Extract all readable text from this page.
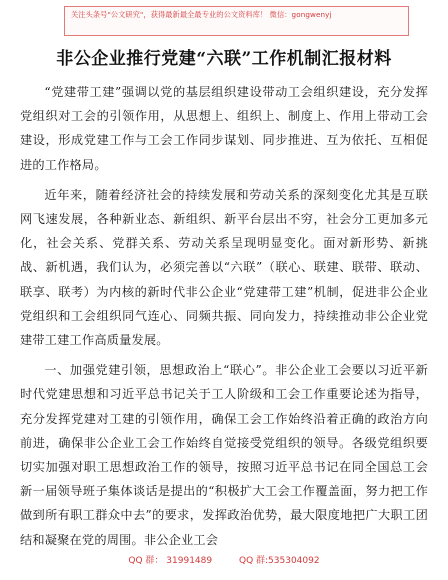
关注头条号"公文研究"，获得最新最全最专业的公文资料库！ 微信：gongwenyj
非公企业推行党建“六联”工作机制汇报材料

“党建带工建”强调以党的基层组织建设带动工会组织建设，充分发挥党组织对工会的引领作用，从思想上、组织上、制度上、作用上带动工会建设，形成党建工作与工会工作同步谋划、同步推进、互为依托、互相促进的工作格局。

近年来，随着经济社会的持续发展和劳动关系的深刻变化尤其是互联网飞速发展，各种新业态、新组织、新平台层出不穷，社会分工更加多元化，社会关系、党群关系、劳动关系呈现明显变化。面对新形势、新挑战、新机遇，我们认为，必须完善以“六联”（联心、联建、联带、联动、联享、联考）为内核的新时代非公企业“党建带工建”机制，促进非公企业党组织和工会组织同气连心、同频共振、同向发力，持续推动非公企业党建带工建工作高质量发展。

一、加强党建引领，思想政治上“联心”。非公企业工会要以习近平新时代党建思想和习近平总书记关于工人阶级和工会工作重要论述为指导，充分发挥党建对工建的引领作用，确保工会工作始终沿着正确的政治方向前进，确保非公企业工会工作始终自觉接受党组织的领导。各级党组织要切实加强对职工思想政治工作的领导，按照习近平总书记在同全国总工会新一届领导班子集体谈话是提出的“积极扩大工会工作覆盖面，努力把工作做到所有职工群众中去”的要求，发挥政治优势，最大限度地把广大职工团结和凝聚在党的周围。非公企业工会

QQ 群： 31991489	QQ 群:535304092
